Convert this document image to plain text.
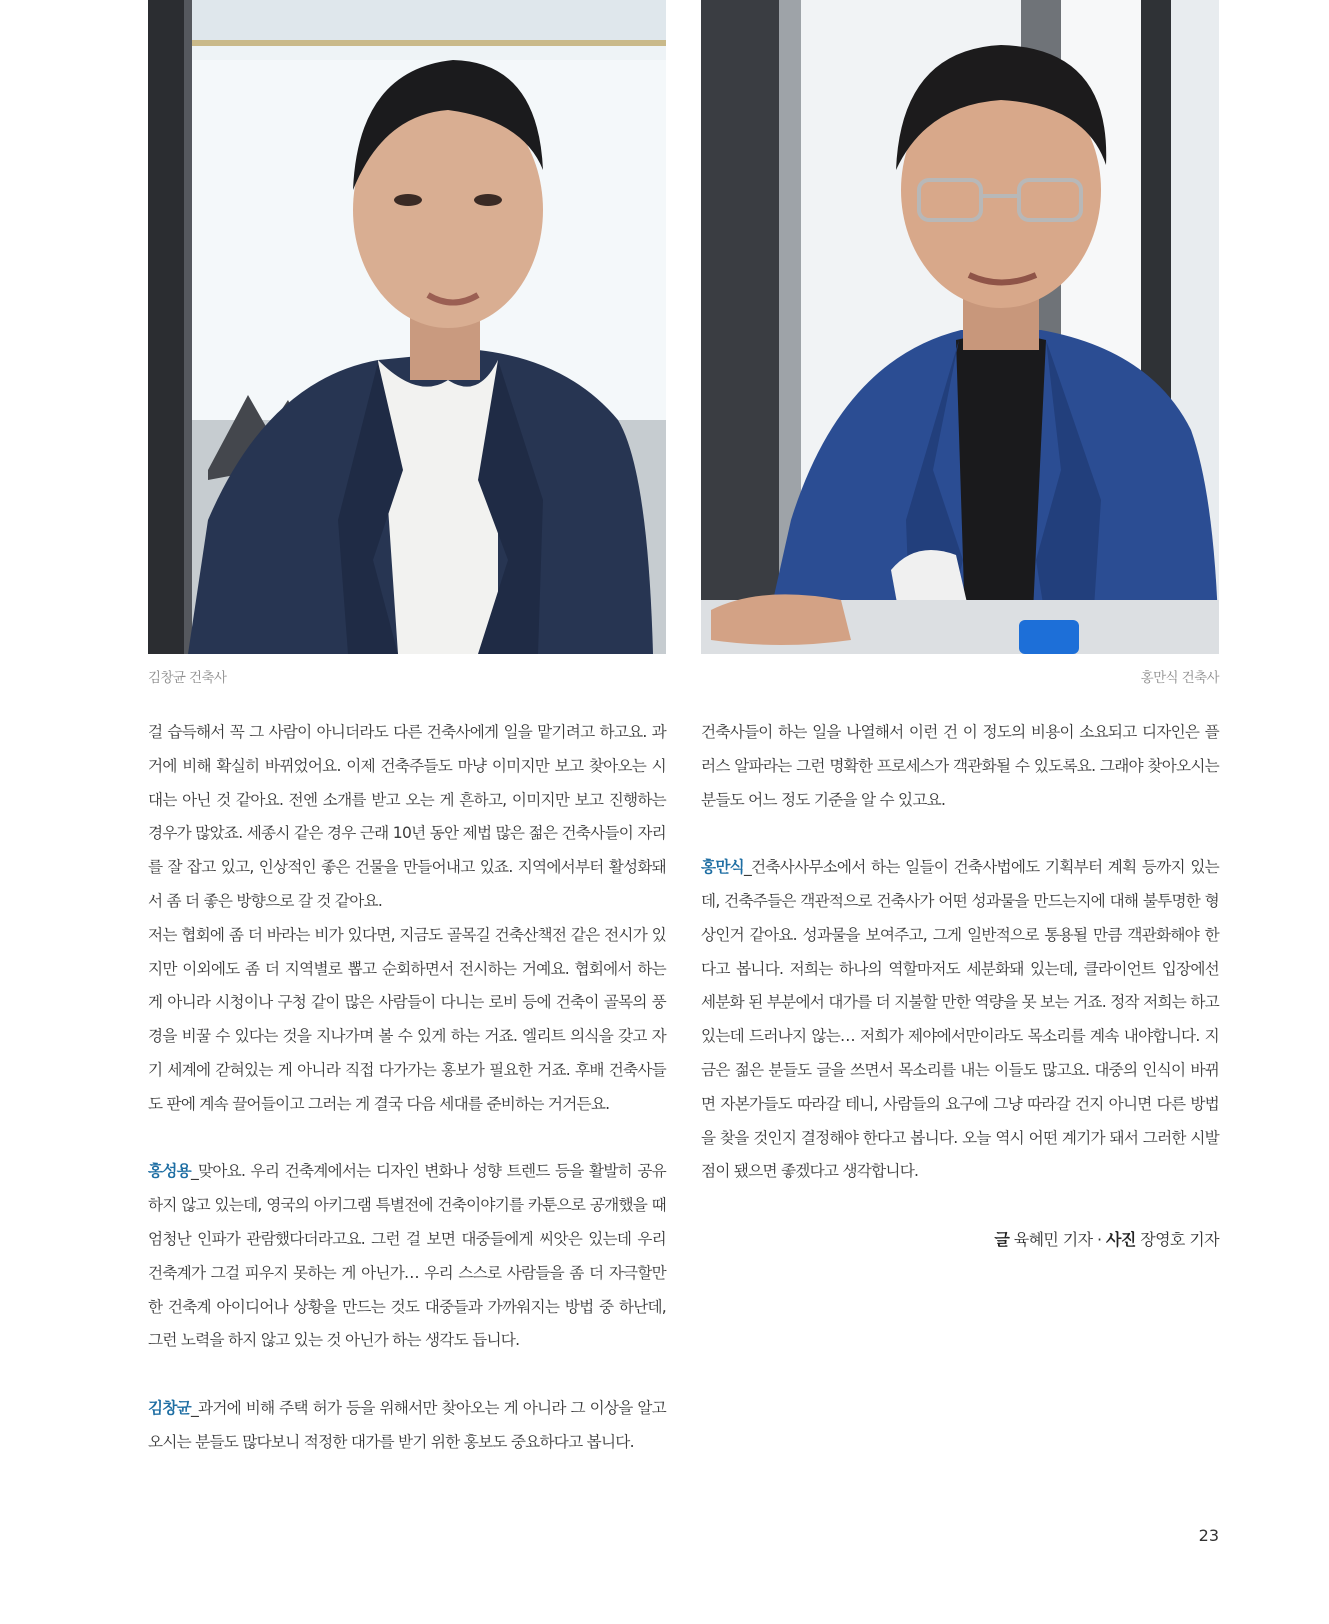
김창균 건축사	홍만식 건축사

걸 습득해서 꼭 그 사람이 아니더라도 다른 건축사에게 일을 맡기려고 하고요. 과거에 비해 확실히 바뀌었어요. 이제 건축주들도 마냥 이미지만 보고 찾아오는 시대는 아닌 것 같아요. 전엔 소개를 받고 오는 게 흔하고, 이미지만 보고 진행하는 경우가 많았죠. 세종시 같은 경우 근래 10년 동안 제법 많은 젊은 건축사들이 자리를 잘 잡고 있고, 인상적인 좋은 건물을 만들어내고 있죠. 지역에서부터 활성화돼서 좀 더 좋은 방향으로 갈 것 같아요.

저는 협회에 좀 더 바라는 비가 있다면, 지금도 골목길 건축산책전 같은 전시가 있지만 이외에도 좀 더 지역별로 뽑고 순회하면서 전시하는 거예요. 협회에서 하는 게 아니라 시청이나 구청 같이 많은 사람들이 다니는 로비 등에 건축이 골목의 풍경을 비꿀 수 있다는 것을 지나가며 볼 수 있게 하는 거죠. 엘리트 의식을 갖고 자기 세계에 갇혀있는 게 아니라 직접 다가가는 홍보가 필요한 거죠. 후배 건축사들도 판에 계속 끌어들이고 그러는 게 결국 다음 세대를 준비하는 거거든요.

홍성용_맞아요. 우리 건축계에서는 디자인 변화나 성향 트렌드 등을 활발히 공유하지 않고 있는데, 영국의 아키그램 특별전에 건축이야기를 카툰으로 공개했을 때 엄청난 인파가 관람했다더라고요. 그런 걸 보면 대중들에게 씨앗은 있는데 우리 건축계가 그걸 피우지 못하는 게 아닌가… 우리 스스로 사람들을 좀 더 자극할만한 건축계 아이디어나 상황을 만드는 것도 대중들과 가까워지는 방법 중 하난데, 그런 노력을 하지 않고 있는 것 아닌가 하는 생각도 듭니다.

김창균_과거에 비해 주택 허가 등을 위해서만 찾아오는 게 아니라 그 이상을 알고 오시는 분들도 많다보니 적정한 대가를 받기 위한 홍보도 중요하다고 봅니다.

건축사들이 하는 일을 나열해서 이런 건 이 정도의 비용이 소요되고 디자인은 플러스 알파라는 그런 명확한 프로세스가 객관화될 수 있도록요. 그래야 찾아오시는 분들도 어느 정도 기준을 알 수 있고요.

홍만식_건축사사무소에서 하는 일들이 건축사법에도 기획부터 계획 등까지 있는데, 건축주들은 객관적으로 건축사가 어떤 성과물을 만드는지에 대해 불투명한 형상인거 같아요. 성과물을 보여주고, 그게 일반적으로 통용될 만큼 객관화해야 한다고 봅니다. 저희는 하나의 역할마저도 세분화돼 있는데, 클라이언트 입장에선 세분화 된 부분에서 대가를 더 지불할 만한 역량을 못 보는 거죠. 정작 저희는 하고 있는데 드러나지 않는… 저희가 제야에서만이라도 목소리를 계속 내야합니다. 지금은 젊은 분들도 글을 쓰면서 목소리를 내는 이들도 많고요. 대중의 인식이 바뀌면 자본가들도 따라갈 테니, 사람들의 요구에 그냥 따라갈 건지 아니면 다른 방법을 찾을 것인지 결정해야 한다고 봅니다. 오늘 역시 어떤 계기가 돼서 그러한 시발점이 됐으면 좋겠다고 생각합니다.

글 육혜민 기자 · 사진 장영호 기자

23
